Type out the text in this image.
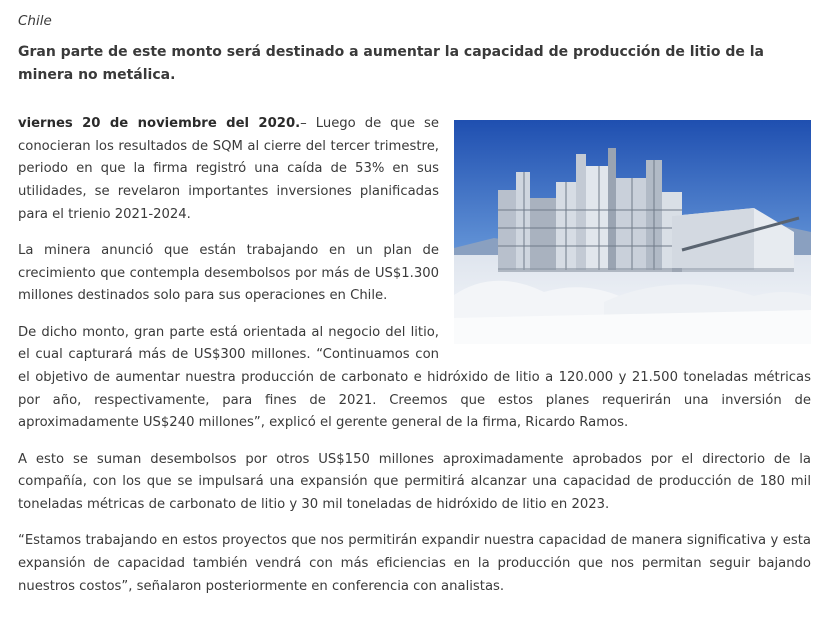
Chile
Gran parte de este monto será destinado a aumentar la capacidad de producción de litio de la minera no metálica.

viernes 20 de noviembre del 2020.– Luego de que se conocieran los resultados de SQM al cierre del tercer trimestre, periodo en que la firma registró una caída de 53% en sus utilidades, se revelaron importantes inversiones planificadas para el trienio 2021-2024.

La minera anunció que están trabajando en un plan de crecimiento que contempla desembolsos por más de US$1.300 millones destinados solo para sus operaciones en Chile.

De dicho monto, gran parte está orientada al negocio del litio, el cual capturará más de US$300 millones. “Continuamos con el objetivo de aumentar nuestra producción de carbonato e hidróxido de litio a 120.000 y 21.500 toneladas métricas por año, respectivamente, para fines de 2021. Creemos que estos planes requerirán una inversión de aproximadamente US$240 millones”, explicó el gerente general de la firma, Ricardo Ramos.

A esto se suman desembolsos por otros US$150 millones aproximadamente aprobados por el directorio de la compañía, con los que se impulsará una expansión que permitirá alcanzar una capacidad de producción de 180 mil toneladas métricas de carbonato de litio y 30 mil toneladas de hidróxido de litio en 2023.

“Estamos trabajando en estos proyectos que nos permitirán expandir nuestra capacidad de manera significativa y esta expansión de capacidad también vendrá con más eficiencias en la producción que nos permitan seguir bajando nuestros costos”, señalaron posteriormente en conferencia con analistas.
